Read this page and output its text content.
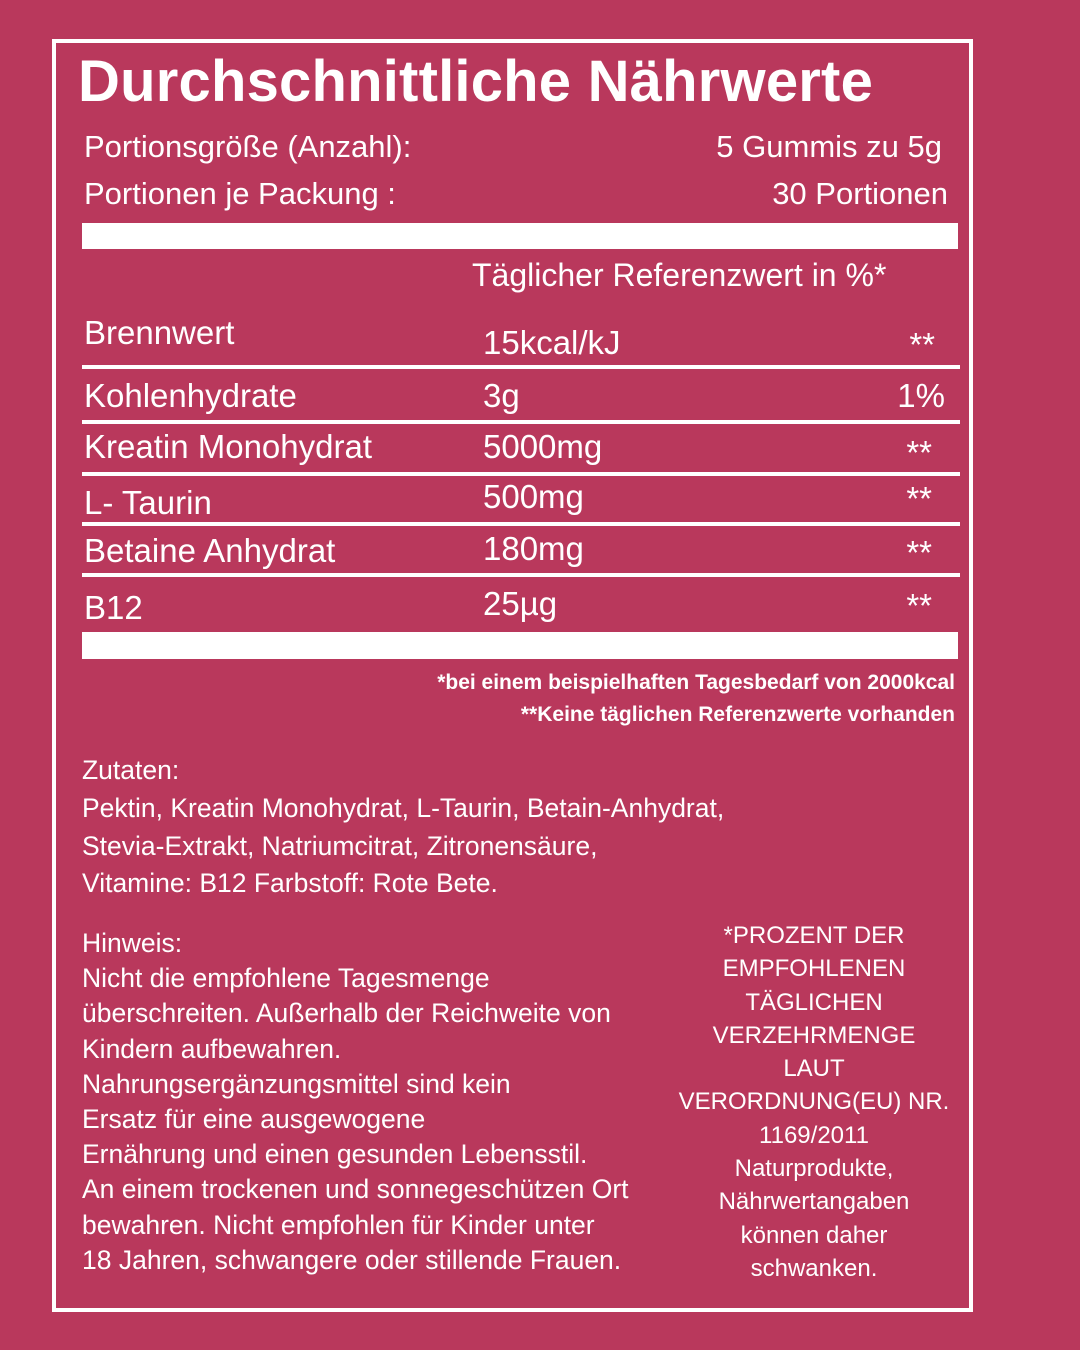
Durchschnittliche Nährwerte
Portionsgröße (Anzahl):	5 Gummis zu 5g
Portionen je Packung :	30 Portionen
Täglicher Referenzwert in %*
Brennwert	15kcal/kJ	**
Kohlenhydrate	3g	1%
Kreatin Monohydrat	5000mg	**
L- Taurin	500mg	**
Betaine Anhydrat	180mg	**
B12	25µg	**
*bei einem beispielhaften Tagesbedarf von 2000kcal
**Keine täglichen Referenzwerte vorhanden
Zutaten:
Pektin, Kreatin Monohydrat, L-Taurin, Betain-Anhydrat,
Stevia-Extrakt, Natriumcitrat, Zitronensäure,
Vitamine: B12 Farbstoff: Rote Bete.
Hinweis:
Nicht die empfohlene Tagesmenge
überschreiten. Außerhalb der Reichweite von
Kindern aufbewahren.
Nahrungsergänzungsmittel sind kein
Ersatz für eine ausgewogene
Ernährung und einen gesunden Lebensstil.
An einem trockenen und sonnegeschützen Ort
bewahren. Nicht empfohlen für Kinder unter
18 Jahren, schwangere oder stillende Frauen.
*PROZENT DER
EMPFOHLENEN
TÄGLICHEN
VERZEHRMENGE
LAUT
VERORDNUNG(EU) NR.
1169/2011
Naturprodukte,
Nährwertangaben
können daher
schwanken.
